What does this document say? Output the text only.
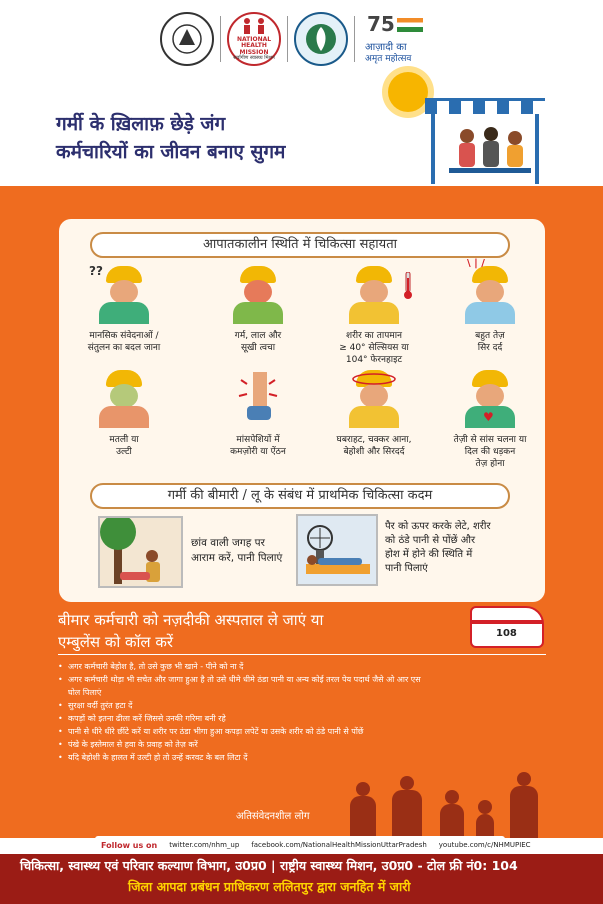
NATIONAL HEALTH MISSION
सर्वांगीण स्वास्थ्य मिशन
75
आज़ादी का
अमृत महोत्सव
गर्मी के ख़िलाफ़ छेड़े जंग
कर्मचारियों का जीवन बनाए सुगम
आपातकालीन स्थिति में चिकित्सा सहायता
??
मानसिक संवेदनाओं /
संतुलन का बदल जाना
गर्म, लाल और
सूखी त्वचा
शरीर का तापमान
≥ 40° सेल्सियस या
104° फेरनहाइट
\ | /
बहुत तेज़
सिर दर्द
मतली या
उल्टी
मांसपेशियों में
कमज़ोरी या ऐंठन
घबराहट, चक्कर आना,
बेहोशी और सिरदर्द
♥
तेज़ी से सांस चलना या
दिल की धड़कन
तेज़ होना
गर्मी की बीमारी / लू के संबंध में प्राथमिक चिकित्सा कदम
छांव वाली जगह पर
आराम करें, पानी पिलाएं
पैर को ऊपर करके लेटे, शरीर
को ठंडे पानी से पोंछें और
होश में होने की स्थिति में
पानी पिलाएं
बीमार कर्मचारी को नज़दीकी अस्पताल ले जाएं या
एम्बुलेंस को कॉल करें	108
• अगर कर्मचारी बेहोश है, तो उसे कुछ भी खाने - पीने को ना दें
• अगर कर्मचारी थोड़ा भी सचेत और जागा हुआ है तो उसे धीमे धीमे ठंडा पानी या अन्य कोई तरल पेय पदार्थ जैसे ओ आर एस
घोल पिलाएं
• सुरक्षा वर्दी तुरंत हटा दें
• कपड़ों को इतना ढीला करें जिससे उनकी गरिमा बनी रहे
• पानी से धीरे धीरे छींटे करें या शरीर पर ठंडा भीगा हुआ कपड़ा लपेटें या उसके शरीर को ठंडे पानी से पोंछें
• पंखे के इस्तेमाल से हवा के प्रवाह को तेज़ करें
• यदि बेहोशी के हालत में उल्टी हो तो उन्हें करवट के बल लिटा दें
अतिसंवेदनशील लोग
Follow us on twitter.com/nhm_up facebook.com/NationalHealthMissionUttarPradesh youtube.com/c/NHMUPIEC
चिकित्सा, स्वास्थ्य एवं परिवार कल्याण विभाग, उ0प्र0 | राष्ट्रीय स्वास्थ्य मिशन, उ0प्र0 - टोल फ्री नं0: 104
जिला आपदा प्रबंधन प्राधिकरण ललितपुर द्वारा जनहित में जारी
